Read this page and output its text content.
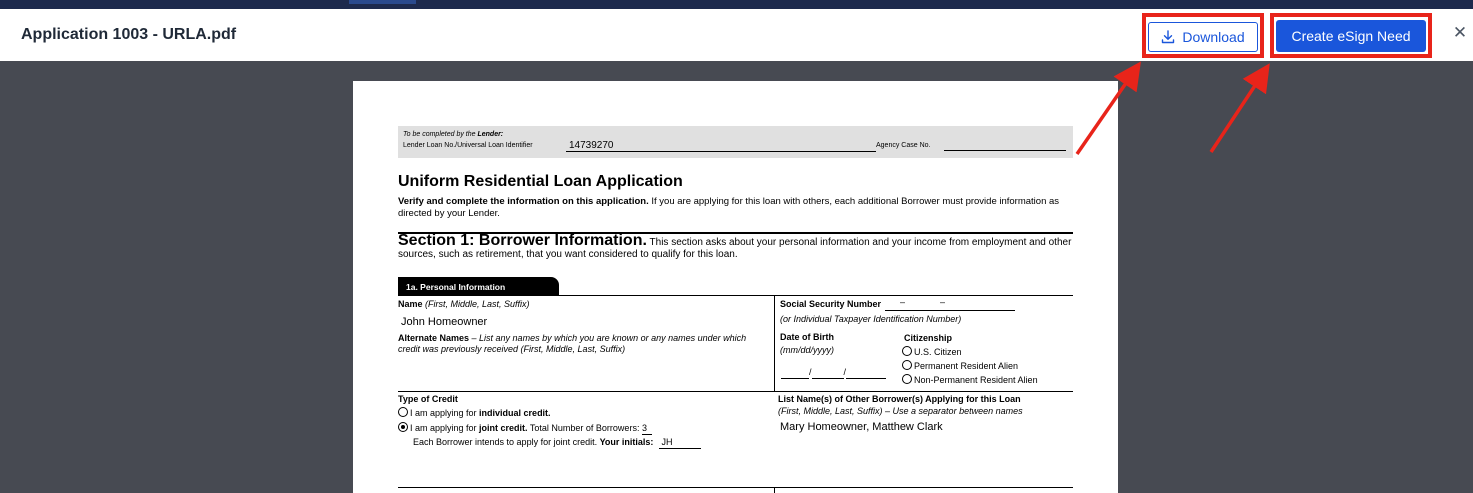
Application 1003 - URLA.pdf	Download	Create eSign Need	✕
To be completed by the Lender:
Lender Loan No./Universal Loan Identifier	14739270	Agency Case No.
Uniform Residential Loan Application
Verify and complete the information on this application. If you are applying for this loan with others, each additional Borrower must provide information as directed by your Lender.
Section 1: Borrower Information. This section asks about your personal information and your income from employment and other sources, such as retirement, that you want considered to qualify for this loan.
1a. Personal Information
Name (First, Middle, Last, Suffix)
John Homeowner
Alternate Names – List any names by which you are known or any names under which credit was previously received (First, Middle, Last, Suffix)
Social Security Number –	–

(or Individual Taxpayer Identification Number)
Date of Birth
(mm/dd/yyyy)
/	/
Citizenship
U.S. Citizen
Permanent Resident Alien
Non-Permanent Resident Alien
Type of Credit
I am applying for individual credit.
I am applying for joint credit. Total Number of Borrowers: 3
Each Borrower intends to apply for joint credit. Your initials: JH
List Name(s) of Other Borrower(s) Applying for this Loan
(First, Middle, Last, Suffix) – Use a separator between names
Mary Homeowner, Matthew Clark
